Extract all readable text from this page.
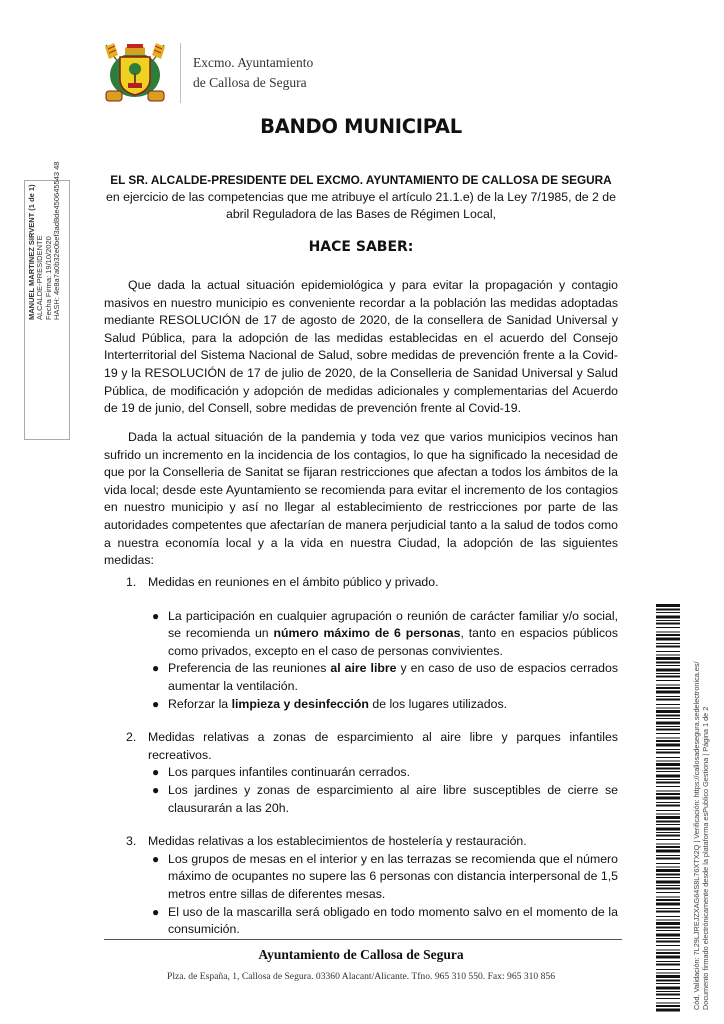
Excmo. Ayuntamiento
de Callosa de Segura
BANDO MUNICIPAL
EL SR. ALCALDE-PRESIDENTE DEL EXCMO. AYUNTAMIENTO DE CALLOSA DE SEGURA
en ejercicio de las competencias que me atribuye el artículo 21.1.e) de la Ley 7/1985, de 2 de abril Reguladora de las Bases de Régimen Local,
HACE SABER:
Que dada la actual situación epidemiológica y para evitar la propagación y contagio masivos en nuestro municipio es conveniente recordar a la población las medidas adoptadas mediante RESOLUCIÓN de 17 de agosto de 2020, de la consellera de Sanidad Universal y Salud Pública, para la adopción de las medidas establecidas en el acuerdo del Consejo Interterritorial del Sistema Nacional de Salud, sobre medidas de prevención frente a la Covid-19 y la RESOLUCIÓN de 17 de julio de 2020, de la Conselleria de Sanidad Universal y Salud Pública, de modificación y adopción de medidas adicionales y complementarias del Acuerdo de 19 de junio, del Consell, sobre medidas de prevención frente al Covid-19.
Dada la actual situación de la pandemia y toda vez que varios municipios vecinos han sufrido un incremento en la incidencia de los contagios, lo que ha significado la necesidad de que por la Conselleria de Sanitat se fijaran restricciones que afectan a todos los ámbitos de la vida local; desde este Ayuntamiento se recomienda para evitar el incremento de los contagios en nuestro municipio y así no llegar al establecimiento de restricciones por parte de las autoridades competentes que afectarían de manera perjudicial tanto a la salud de todos como a nuestra economía local y a la vida en nuestra Ciudad, la adopción de las siguientes medidas:
1. Medidas en reuniones en el ámbito público y privado.
● La participación en cualquier agrupación o reunión de carácter familiar y/o social, se recomienda un número máximo de 6 personas, tanto en espacios públicos como privados, excepto en el caso de personas convivientes.
● Preferencia de las reuniones al aire libre y en caso de uso de espacios cerrados aumentar la ventilación.
● Reforzar la limpieza y desinfección de los lugares utilizados.
2. Medidas relativas a zonas de esparcimiento al aire libre y parques infantiles recreativos.
● Los parques infantiles continuarán cerrados.
● Los jardines y zonas de esparcimiento al aire libre susceptibles de cierre se clausurarán a las 20h.
3. Medidas relativas a los establecimientos de hostelería y restauración.
● Los grupos de mesas en el interior y en las terrazas se recomienda que el número máximo de ocupantes no supere las 6 personas con distancia interpersonal de 1,5 metros entre sillas de diferentes mesas.
● El uso de la mascarilla será obligado en todo momento salvo en el momento de la consumición.
Ayuntamiento de Callosa de Segura
Plza. de España, 1, Callosa de Segura. 03360 Alacant/Alicante. Tfno. 965 310 550. Fax: 965 310 856
MANUEL MARTINEZ SIRVENT (1 de 1) ALCALDE-PRESIDENTE Fecha Firma: 19/10/2020 HASH: 4e8a7a0b32e0bef3ad8de450645543 48
Cód. Validación: 7L29LJREJZXAG64S8L76XTX2Q | Verificación: https://callosadesegura.sedelectronica.es/ Documento firmado electrónicamente desde la plataforma esPublico Gestiona | Página 1 de 2
